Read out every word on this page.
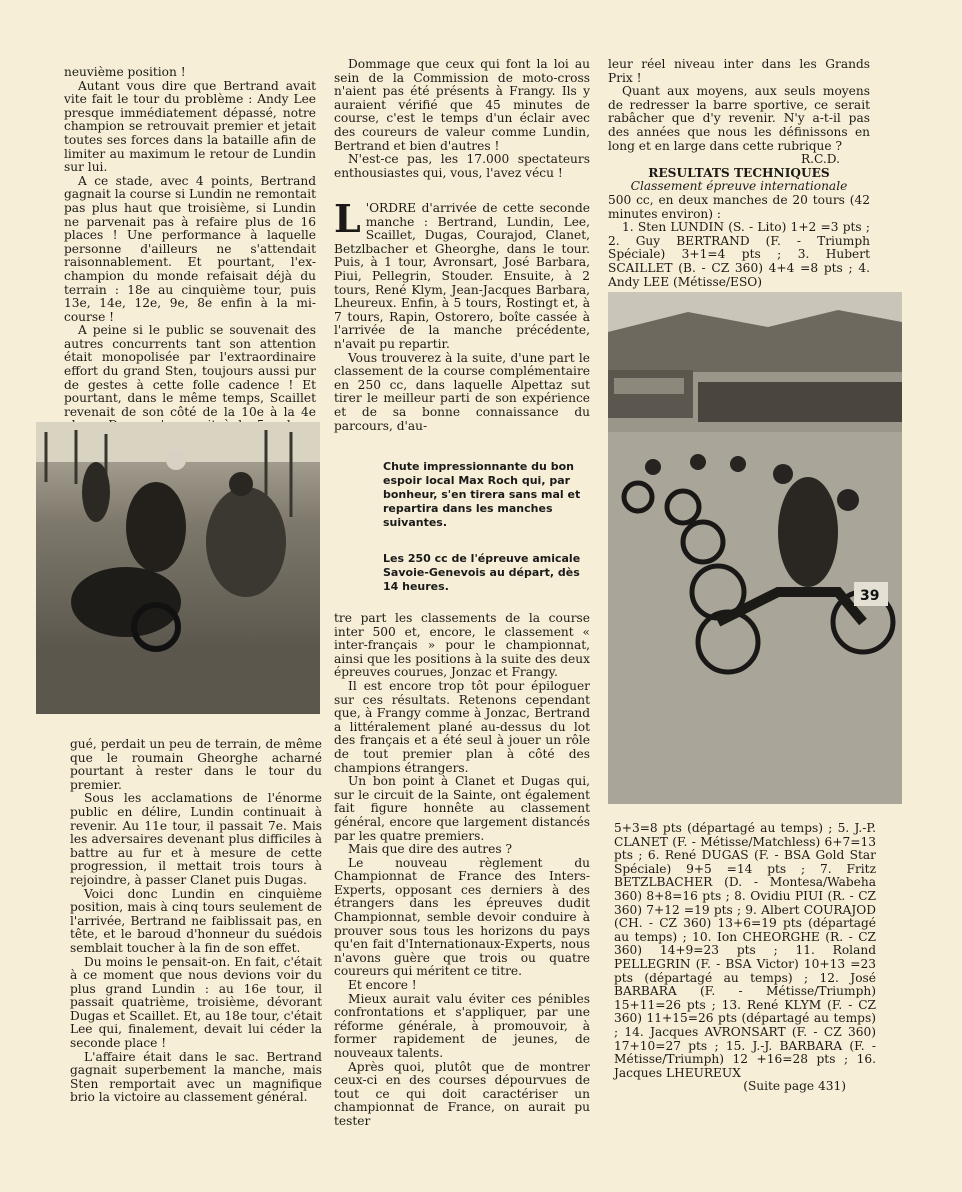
neuvième position !

Autant vous dire que Bertrand avait vite fait le tour du problème : Andy Lee presque immédiatement dépassé, notre champion se retrouvait premier et jetait toutes ses forces dans la bataille afin de limiter au maximum le retour de Lundin sur lui.

A ce stade, avec 4 points, Bertrand gagnait la course si Lundin ne remontait pas plus haut que troisième, si Lundin ne parvenait pas à refaire plus de 16 places ! Une performance à laquelle personne d'ailleurs ne s'attendait raisonnablement. Et pourtant, l'ex-champion du monde refaisait déjà du terrain : 18e au cinquième tour, puis 13e, 14e, 12e, 9e, 8e enfin à la mi-course !

A peine si le public se souvenait des autres concurrents tant son attention était monopolisée par l'extraordinaire effort du grand Sten, toujours aussi pur de gestes à cette folle cadence ! Et pourtant, dans le même temps, Scaillet revenait de son côté de la 10e à la 4e

gué, perdait un peu de terrain, de même que le roumain Gheorghe acharné pourtant à rester dans le tour du premier.

Sous les acclamations de l'énorme public en délire, Lundin continuait à revenir. Au 11e tour, il passait 7e. Mais les adversaires devenant plus difficiles à battre au fur et à mesure de cette progression, il mettait trois tours à rejoindre, à passer Clanet puis Dugas.

Voici donc Lundin en cinquième position, mais à cinq tours seulement de l'arrivée, Bertrand ne faiblissait pas, en tête, et le baroud d'honneur du suédois semblait toucher à la fin de son effet.

Du moins le pensait-on. En fait, c'était à ce moment que nous devions voir du plus grand Lundin : au 16e tour, il passait quatrième, troisième, dévorant Dugas et Scaillet. Et, au 18e tour, c'était Lee qui, finalement, devait lui céder la seconde place !

L'affaire était dans le sac. Bertrand gagnait superbement la manche, mais Sten remportait avec un magnifique brio la victoire au classement général.

Dommage que ceux qui font la loi au sein de la Commission de moto-cross n'aient pas été présents à Frangy. Ils y auraient vérifié que 45 minutes de course, c'est le temps d'un éclair avec des coureurs de valeur comme Lundin, Bertrand et bien d'autres !

N'est-ce pas, les 17.000 spectateurs enthousiastes qui, vous, l'avez vécu !

L 'ORDRE d'arrivée de cette seconde manche : Bertrand, Lundin, Lee, Scaillet, Dugas, Courajod, Clanet, Betzlbacher et Gheorghe, dans le tour. Puis, à 1 tour, Avronsart, José Barbara, Piui, Pellegrin, Stouder. Ensuite, à 2 tours, René Klym, Jean-Jacques Barbara, Lheureux. Enfin, à 5 tours, Rostingt et, à 7 tours, Rapin, Ostorero, boîte cassée à l'arrivée de la manche précédente, n'avait pu repartir.

Vous trouverez à la suite, d'une part le classement de la course complémentaire en 250 cc, dans laquelle Alpettaz sut tirer le meilleur parti de son expérience et de sa bonne connaissance du parcours, d'au-

Chute impressionnante du bon espoir local Max Roch qui, par bonheur, s'en tirera sans mal et repartira dans les manches suivantes.
Les 250 cc de l'épreuve amicale Savoie-Genevois au départ, dès 14 heures.

tre part les classements de la course inter 500 et, encore, le classement « inter-français » pour le championnat, ainsi que les positions à la suite des deux épreuves courues, Jonzac et Frangy.

Il est encore trop tôt pour épiloguer sur ces résultats. Retenons cependant que, à Frangy comme à Jonzac, Bertrand a littéralement plané au-dessus du lot des français et a été seul à jouer un rôle de tout premier plan à côté des champions étrangers.

Un bon point à Clanet et Dugas qui, sur le circuit de la Sainte, ont également fait figure honnête au classement général, encore que largement distancés par les quatre premiers.

Mais que dire des autres ?

Le nouveau règlement du Championnat de France des Inters-Experts, opposant ces derniers à des étrangers dans les épreuves dudit Championnat, semble devoir conduire à prouver sous tous les horizons du pays qu'en fait d'Internationaux-Experts, nous n'avons guère que trois ou quatre coureurs qui méritent ce titre.

Et encore !

Mieux aurait valu éviter ces pénibles confrontations et s'appliquer, par une réforme générale, à promouvoir, à former rapidement de jeunes, de nouveaux talents.

Après quoi, plutôt que de montrer ceux-ci en des courses dépourvues de tout ce qui doit caractériser un championnat de France, on aurait pu tester

leur réel niveau inter dans les Grands Prix !

Quant aux moyens, aux seuls moyens de redresser la barre sportive, ce serait rabâcher que d'y revenir. N'y a-t-il pas des années que nous les définissons en long et en large dans cette rubrique ?

R.C.D.

RESULTATS TECHNIQUES

Classement épreuve internationale

500 cc, en deux manches de 20 tours (42 minutes environ) :

1. Sten LUNDIN (S. - Lito) 1+2 =3 pts ; 2. Guy BERTRAND (F. - Triumph Spéciale) 3+1=4 pts ; 3. Hubert SCAILLET (B. - CZ 360) 4+4 =8 pts ; 4. Andy LEE (Métisse/ESO)

39

5+3=8 pts (départagé au temps) ; 5. J.-P. CLANET (F. - Métisse/Matchless) 6+7=13 pts ; 6. René DUGAS (F. - BSA Gold Star Spéciale) 9+5 =14 pts ; 7. Fritz BETZLBACHER (D. - Montesa/Wabeha 360) 8+8=16 pts ; 8. Ovidiu PIUI (R. - CZ 360) 7+12 =19 pts ; 9. Albert COURAJOD (CH. - CZ 360) 13+6=19 pts (départagé au temps) ; 10. Ion CHEORGHE (R. - CZ 360) 14+9=23 pts ; 11. Roland PELLEGRIN (F. - BSA Victor) 10+13 =23 pts (départagé au temps) ; 12. José BARBARA (F. - Métisse/Triumph) 15+11=26 pts ; 13. René KLYM (F. - CZ 360) 11+15=26 pts (départagé au temps) ; 14. Jacques AVRONSART (F. - CZ 360) 17+10=27 pts ; 15. J.-J. BARBARA (F. - Métisse/Triumph) 12 +16=28 pts ; 16. Jacques LHEUREUX

(Suite page 431)
